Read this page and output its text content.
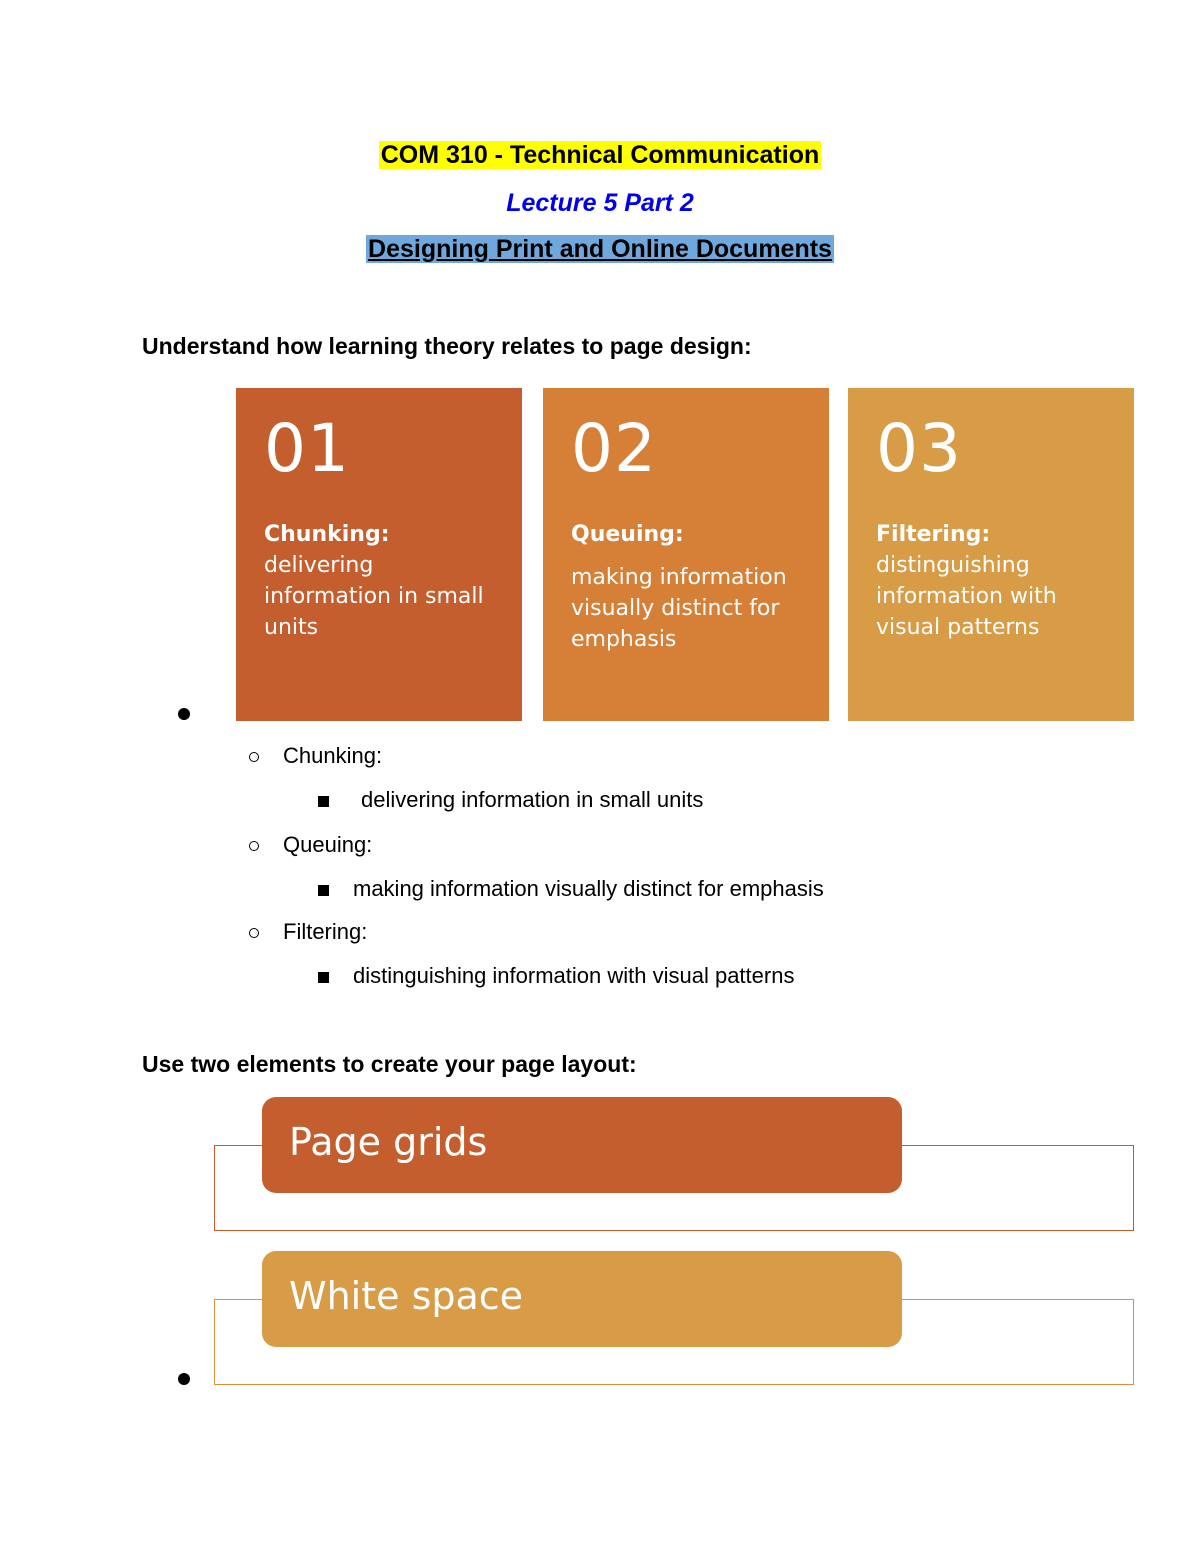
COM 310 - Technical Communication
Lecture 5 Part 2
Designing Print and Online Documents
Understand how learning theory relates to page design:
01
Chunking:
delivering information in small units
02
Queuing:
making information visually distinct for emphasis
03
Filtering:
distinguishing information with visual patterns
Chunking:
delivering information in small units
Queuing:
making information visually distinct for emphasis
Filtering:
distinguishing information with visual patterns
Use two elements to create your page layout:
Page grids
White space
